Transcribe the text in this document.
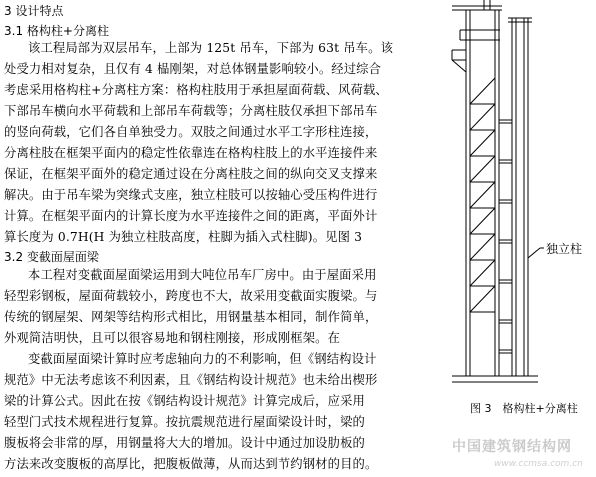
3 设计特点
3.1 格构柱+分离柱
该工程局部为双层吊车，上部为 125t 吊车，下部为 63t 吊车。该
处受力相对复杂，且仅有 4 榀刚架，对总体钢量影响较小。经过综合
考虑采用格构柱+分离柱方案：格构柱肢用于承担屋面荷载、风荷载、
下部吊车横向水平荷载和上部吊车荷载等；分离柱肢仅承担下部吊车
的竖向荷载，它们各自单独受力。双肢之间通过水平工字形柱连接，
分离柱肢在框架平面内的稳定性依靠连在格构柱肢上的水平连接件来
保证，在框架平面外的稳定通过设在分离柱肢之间的纵向交叉支撑来
解决。由于吊车梁为突缘式支座，独立柱肢可以按轴心受压构件进行
计算。在框架平面内的计算长度为水平连接件之间的距离，平面外计
算长度为 0.7H(H 为独立柱肢高度，柱脚为插入式柱脚)。见图 3
3.2 变截面屋面梁
本工程对变截面屋面梁运用到大吨位吊车厂房中。由于屋面采用
轻型彩钢板，屋面荷载较小，跨度也不大，故采用变截面实腹梁。与
传统的钢屋架、网架等结构形式相比，用钢量基本相同，制作简单，
外观简洁明快，且可以很容易地和钢柱刚接，形成刚框架。在
变截面屋面梁计算时应考虑轴向力的不利影响，但《钢结构设计
规范》中无法考虑该不利因素，且《钢结构设计规范》也未给出楔形
梁的计算公式。因此在按《钢结构设计规范》计算完成后，应采用
轻型门式技术规程进行复算。按抗震规范进行屋面梁设计时，梁的
腹板将会非常的厚，用钢量将大大的增加。设计中通过加设肋板的
方法来改变腹板的高厚比，把腹板做薄，从而达到节约钢材的目的。
独立柱
图 3　格构柱+分离柱
中国建筑钢结构网
www.ccmsa.com.cn
